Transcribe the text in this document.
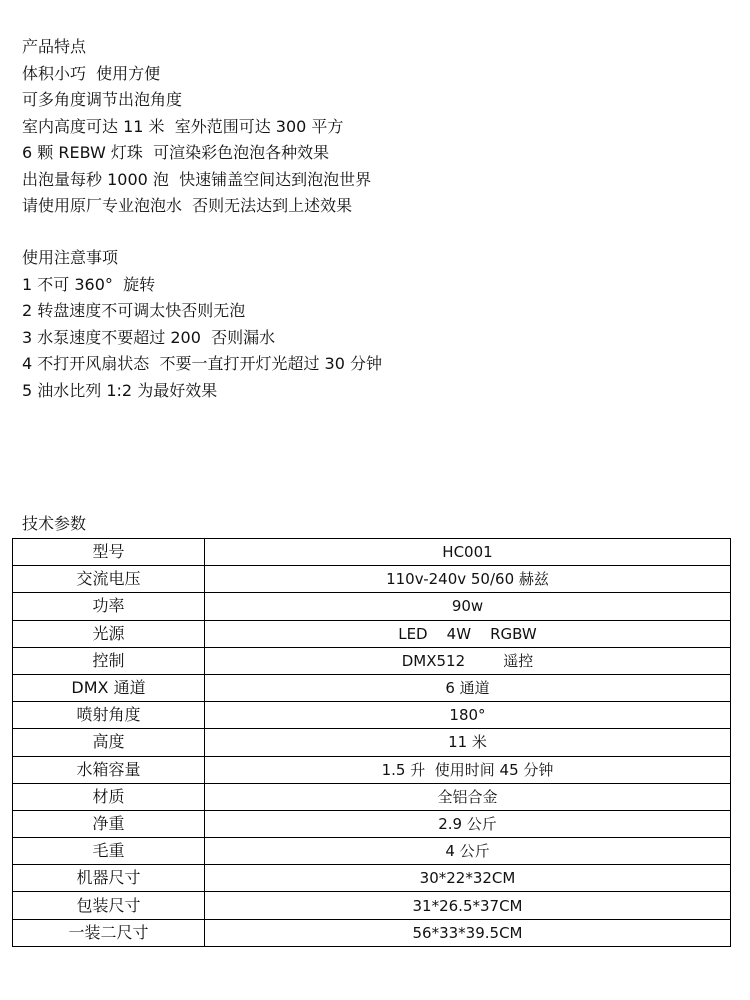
产品特点
体积小巧  使用方便
可多角度调节出泡角度
室内高度可达 11 米  室外范围可达 300 平方
6 颗 REBW 灯珠  可渲染彩色泡泡各种效果
出泡量每秒 1000 泡  快速铺盖空间达到泡泡世界
请使用原厂专业泡泡水  否则无法达到上述效果
使用注意事项
1 不可 360°  旋转
2 转盘速度不可调太快否则无泡
3 水泵速度不要超过 200  否则漏水
4 不打开风扇状态  不要一直打开灯光超过 30 分钟
5 油水比列 1:2 为最好效果
技术参数
型号	HC001
交流电压	110v-240v 50/60 赫兹
功率	90w
光源	LED    4W    RGBW
控制	DMX512        遥控
DMX 通道	6 通道
喷射角度	180°
高度	11 米
水箱容量	1.5 升  使用时间 45 分钟
材质	全铝合金
净重	2.9 公斤
毛重	4 公斤
机器尺寸	30*22*32CM
包装尺寸	31*26.5*37CM
一装二尺寸	56*33*39.5CM
